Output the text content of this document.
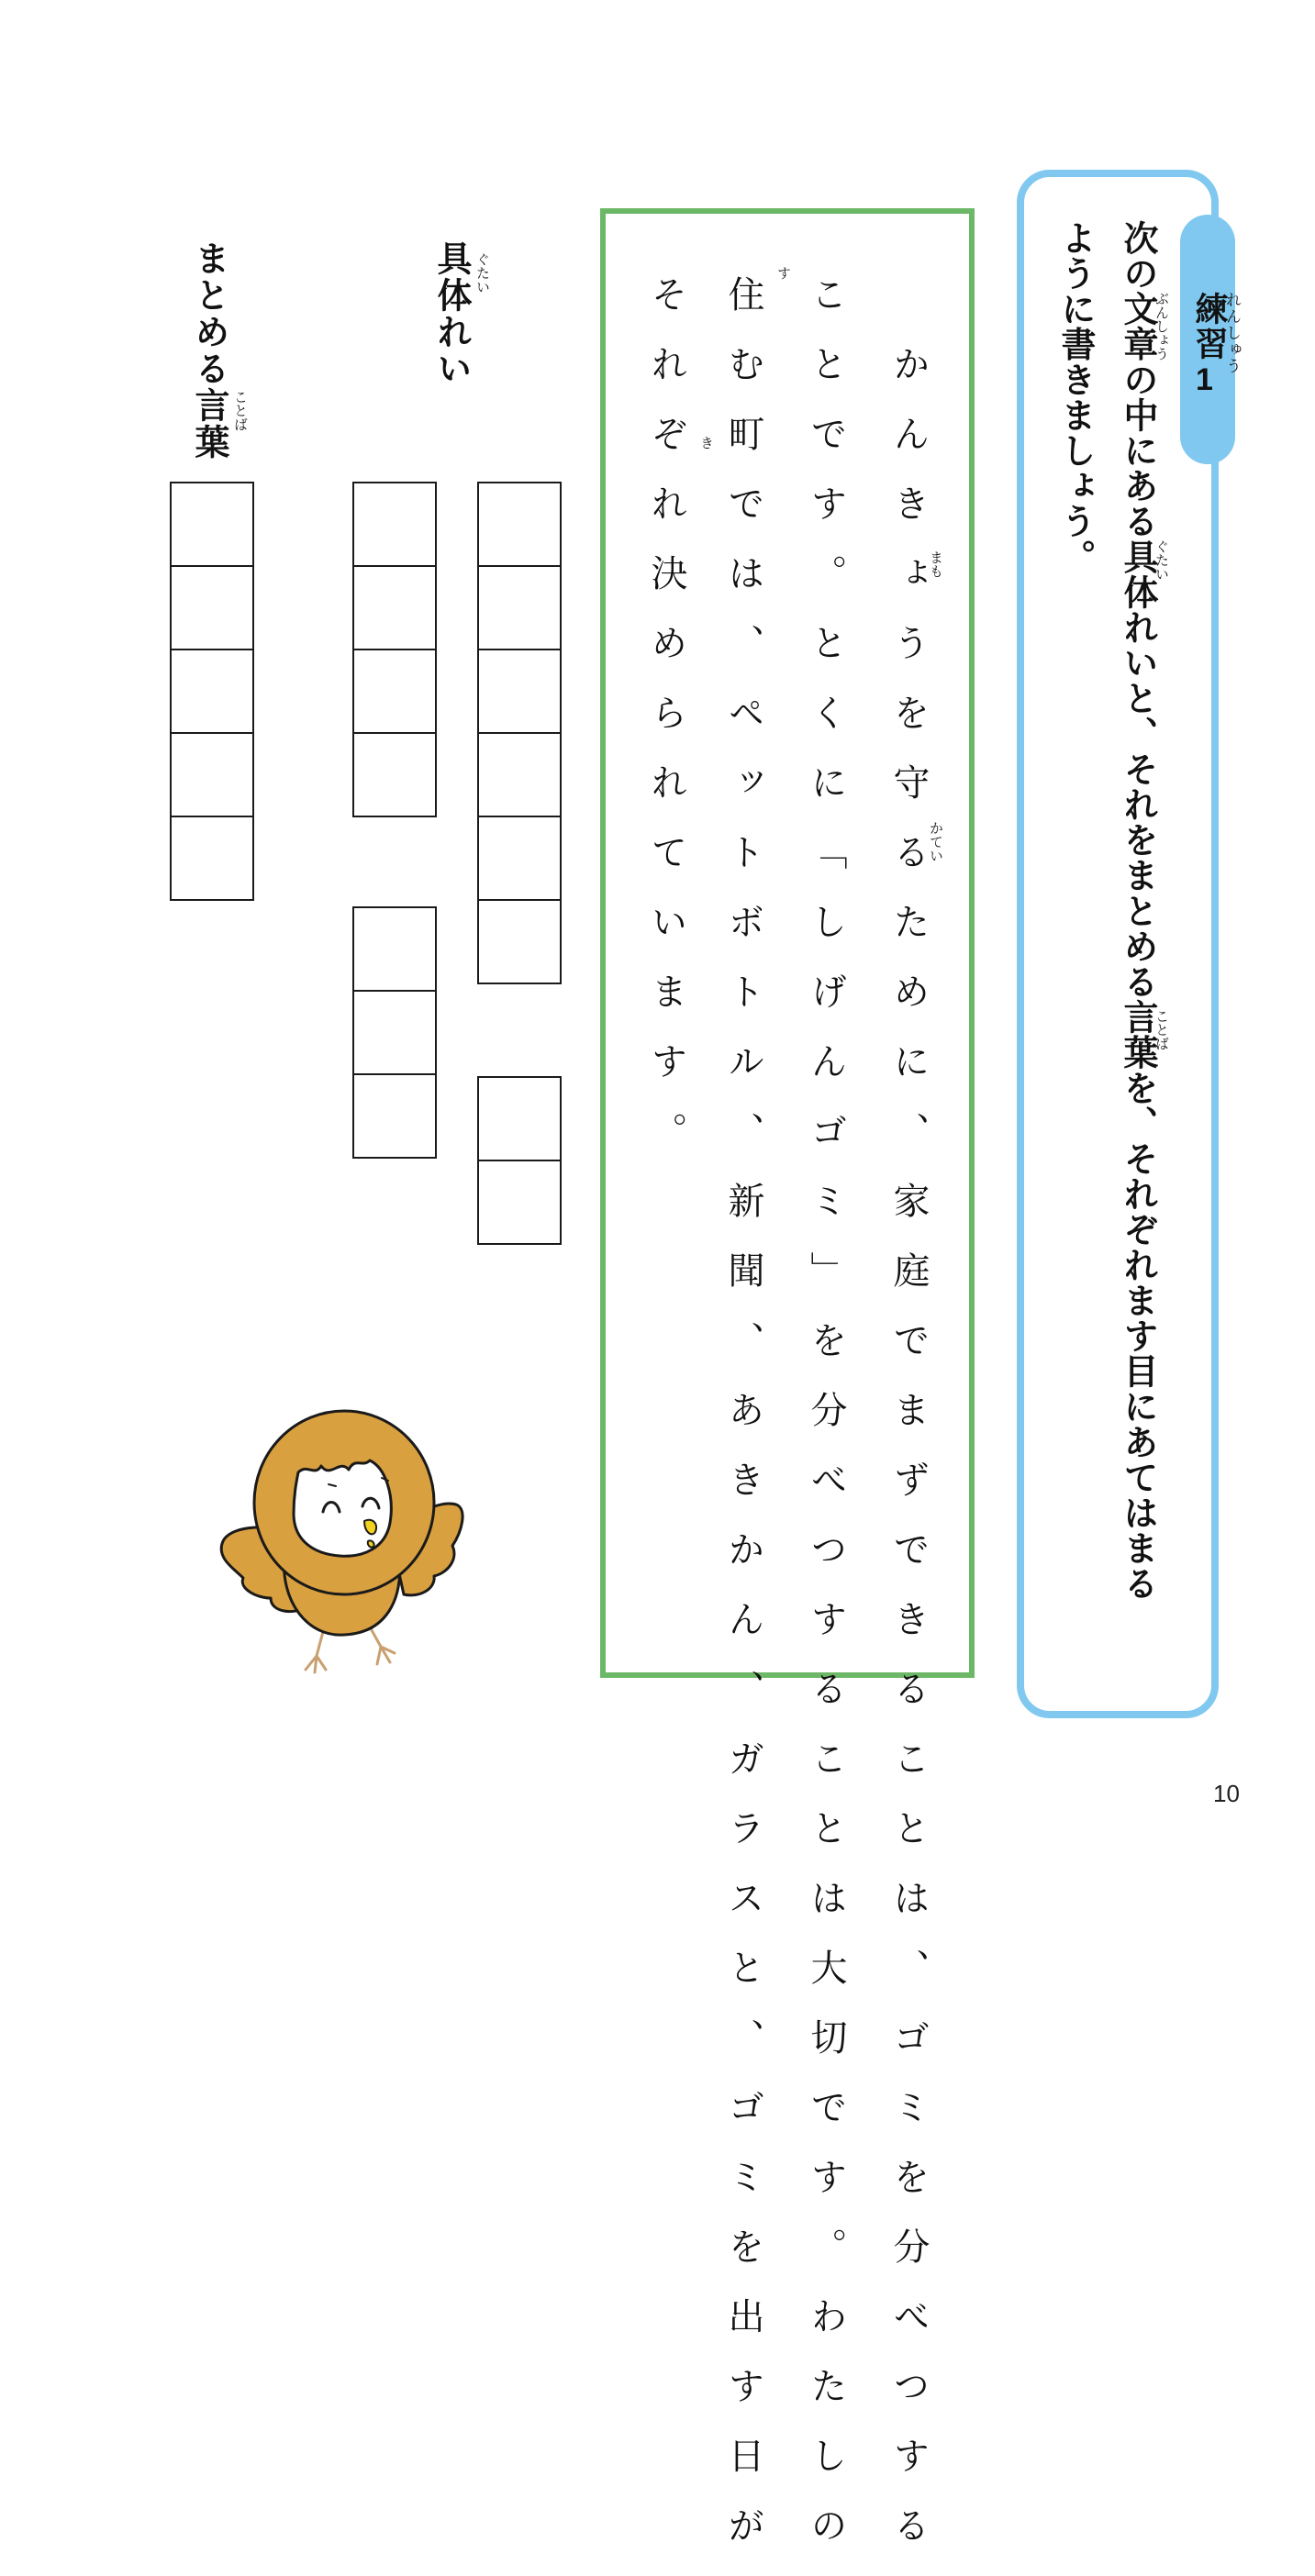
練習
1
れんしゅう
次の文章の中にある具体れいと、それをまとめる言葉を、それぞれます目にあてはまる
ように書きましょう。	ぶんしょう
ぐたい
ことば
　かんきょうを守るために、家庭でまずできることは、ゴミを分べつする
ことです。とくに「しげんゴミ」を分べつすることは大切です。わたしの
住む町では、ペットボトル、新聞、あきかん、ガラスと、ゴミを出す日が
それぞれ決められています。	まも
かてい
す
き
具体れい ぐたい
まとめる言葉 ことば
10
